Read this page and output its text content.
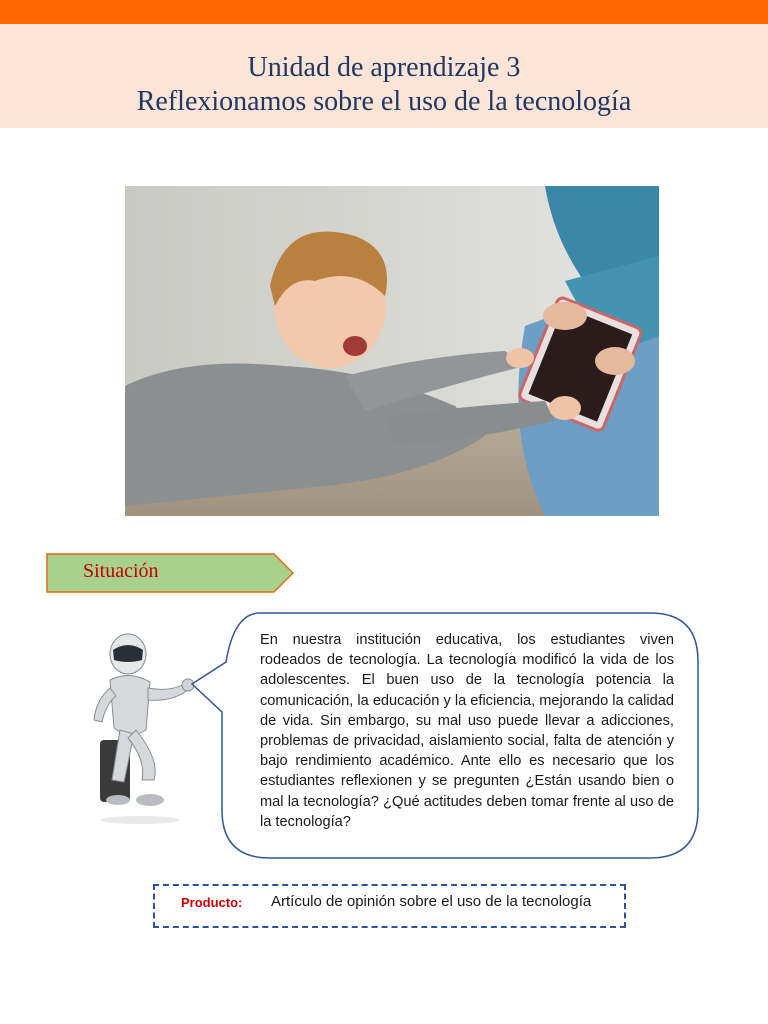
Unidad de aprendizaje 3
Reflexionamos sobre el uso de la tecnología
Situación
En nuestra institución educativa, los estudiantes viven rodeados de tecnología. La tecnología modificó la vida de los adolescentes. El buen uso de la tecnología potencia la comunicación, la educación y la eficiencia, mejorando la calidad de vida. Sin embargo, su mal uso puede llevar a adicciones, problemas de privacidad, aislamiento social, falta de atención y bajo rendimiento académico. Ante ello es necesario que los estudiantes reflexionen y se pregunten ¿Están usando bien o mal la tecnología? ¿Qué actitudes deben tomar frente al uso de la tecnología?
Producto: Artículo de opinión sobre el uso de la tecnología
